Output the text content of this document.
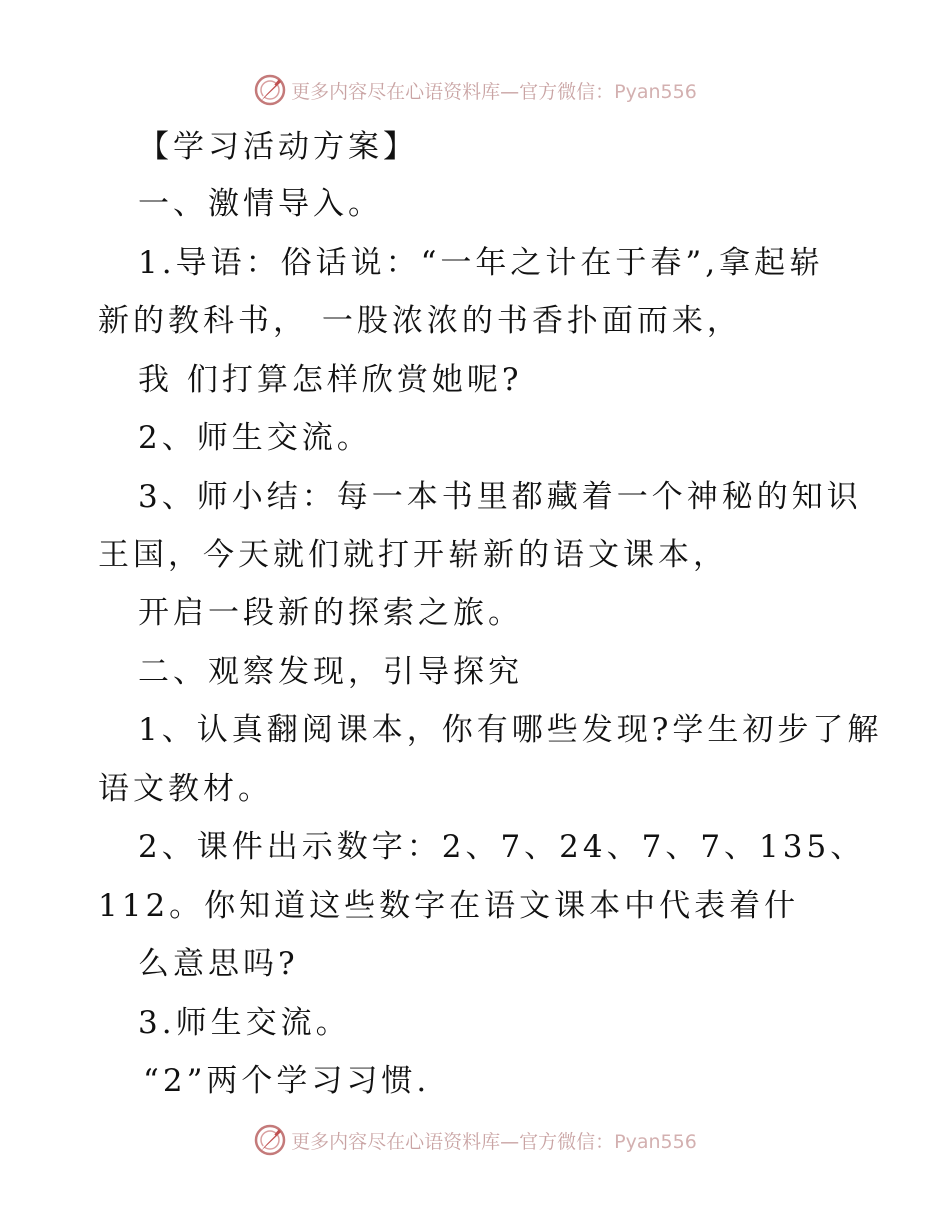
更多内容尽在心语资料库—官方微信：Pyan556
【学习活动方案】
一、激情导入。
1.导语：俗话说：“一年之计在于春”,拿起崭
新的教科书， 一股浓浓的书香扑面而来，
我 们打算怎样欣赏她呢?
2、师生交流。
3、师小结：每一本书里都藏着一个神秘的知识
王国，今天就们就打开崭新的语文课本，
开启一段新的探索之旅。
二、观察发现，引导探究
1、认真翻阅课本，你有哪些发现?学生初步了解
语文教材。
2、课件出示数字：2、7、24、7、7、135、
112。你知道这些数字在语文课本中代表着什
么意思吗?
3.师生交流。
“2”两个学习习惯.
更多内容尽在心语资料库—官方微信：Pyan556
